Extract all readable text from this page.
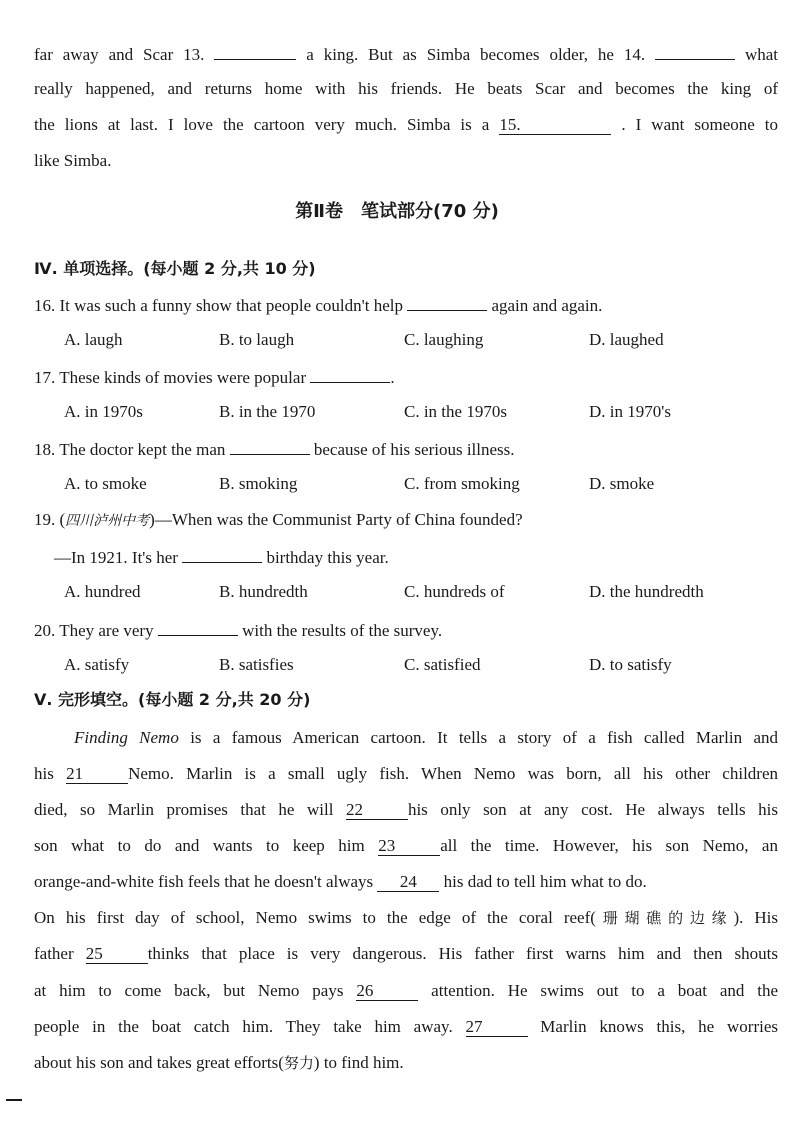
far away and Scar 13.	a king. But as Simba becomes older, he 14.	what
really happened, and returns home with his friends. He beats Scar and becomes the king of
the lions at last. I love the cartoon very much. Simba is a 15.	. I want someone to
like Simba.
第Ⅱ卷　笔试部分(70 分)
Ⅳ. 单项选择。(每小题 2 分,共 10 分)
16. It was such a funny show that people couldn't help	again and again.
A. laugh	B. to laugh	C. laughing	D. laughed
17. These kinds of movies were popular	.
A. in 1970s	B. in the 1970	C. in the 1970s	D. in 1970's
18. The doctor kept the man	because of his serious illness.
A. to smoke	B. smoking	C. from smoking	D. smoke
19. (四川泸州中考)—When was the Communist Party of China founded?
—In 1921. It's her	birthday this year.
A. hundred	B. hundredth	C. hundreds of	D. the hundredth
20. They are very	with the results of the survey.
A. satisfy	B. satisfies	C. satisfied	D. to satisfy
Ⅴ. 完形填空。(每小题 2 分,共 20 分)
Finding Nemo is a famous American cartoon. It tells a story of a fish called Marlin and
his 21	Nemo. Marlin is a small ugly fish. When Nemo was born, all his other children
died, so Marlin promises that he will 22	his only son at any cost. He always tells his
son what to do and wants to keep him 23	all the time. However, his son Nemo, an
orange-and-white fish feels that he doesn't always 24 his dad to tell him what to do.
On his first day of school, Nemo swims to the edge of the coral reef(珊瑚礁的边缘). His
father 25	thinks that place is very dangerous. His father first warns him and then shouts
at him to come back, but Nemo pays 26	attention. He swims out to a boat and the
people in the boat catch him. They take him away. 27	Marlin knows this, he worries
about his son and takes great efforts(努力) to find him.
